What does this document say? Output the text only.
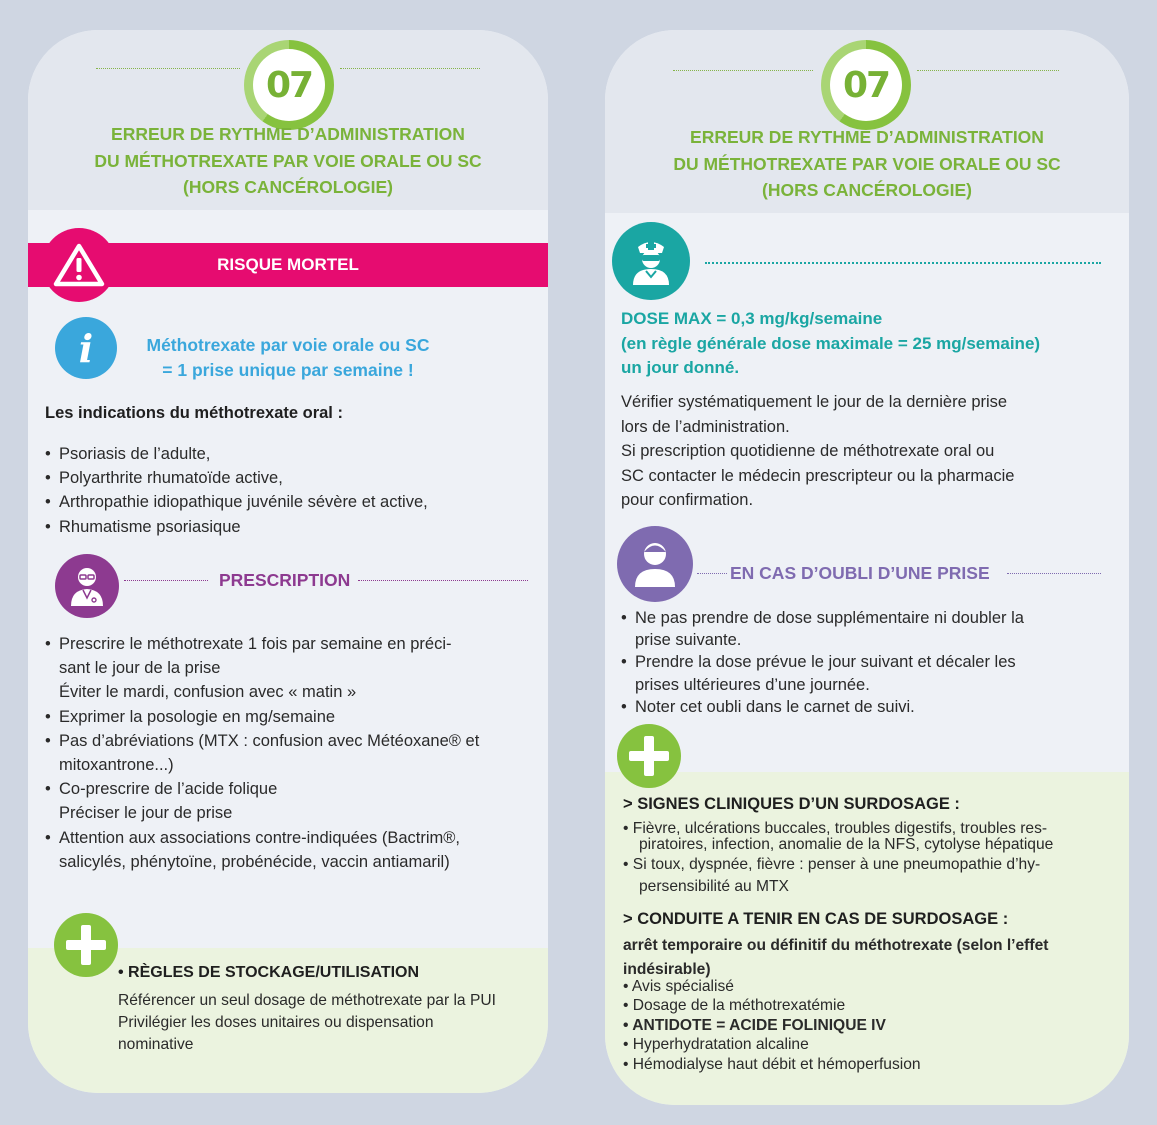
07
ERREUR DE RYTHME D’ADMINISTRATION
DU MÉTHOTREXATE PAR VOIE ORALE OU SC
(HORS CANCÉROLOGIE)
RISQUE MORTEL
i	Méthotrexate par voie orale ou SC
= 1 prise unique par semaine !
Les indications du méthotrexate oral :
• Psoriasis de l’adulte,
• Polyarthrite rhumatoïde active,
• Arthropathie idiopathique juvénile sévère et active,
• Rhumatisme psoriasique
PRESCRIPTION
• Prescrire le méthotrexate 1 fois par semaine en préci-
sant le jour de la prise
Éviter le mardi, confusion avec « matin »
• Exprimer la posologie en mg/semaine
• Pas d’abréviations (MTX : confusion avec Météoxane® et
mitoxantrone...)
• Co-prescrire de l’acide folique
Préciser le jour de prise
• Attention aux associations contre-indiquées (Bactrim®,
salicylés, phénytoïne, probénécide, vaccin antiamaril)
• RÈGLES DE STOCKAGE/UTILISATION
Référencer un seul dosage de méthotrexate par la PUI
Privilégier les doses unitaires ou dispensation
nominative
07
ERREUR DE RYTHME D’ADMINISTRATION
DU MÉTHOTREXATE PAR VOIE ORALE OU SC
(HORS CANCÉROLOGIE)
DOSE MAX = 0,3 mg/kg/semaine
(en règle générale dose maximale = 25 mg/semaine)
un jour donné.
Vérifier systématiquement le jour de la dernière prise
lors de l’administration.
Si prescription quotidienne de méthotrexate oral ou
SC contacter le médecin prescripteur ou la pharmacie
pour confirmation.
EN CAS D’OUBLI D’UNE PRISE
• Ne pas prendre de dose supplémentaire ni doubler la
prise suivante.
• Prendre la dose prévue le jour suivant et décaler les
prises ultérieures d’une journée.
• Noter cet oubli dans le carnet de suivi.
> SIGNES CLINIQUES D’UN SURDOSAGE :
• Fièvre, ulcérations buccales, troubles digestifs, troubles res-
piratoires, infection, anomalie de la NFS, cytolyse hépatique
• Si toux, dyspnée, fièvre : penser à une pneumopathie d’hy-
persensibilité au MTX
> CONDUITE A TENIR EN CAS DE SURDOSAGE :
arrêt temporaire ou définitif du méthotrexate (selon l’effet
indésirable)
• Avis spécialisé
• Dosage de la méthotrexatémie
• ANTIDOTE = ACIDE FOLINIQUE IV
• Hyperhydratation alcaline
• Hémodialyse haut débit et hémoperfusion
